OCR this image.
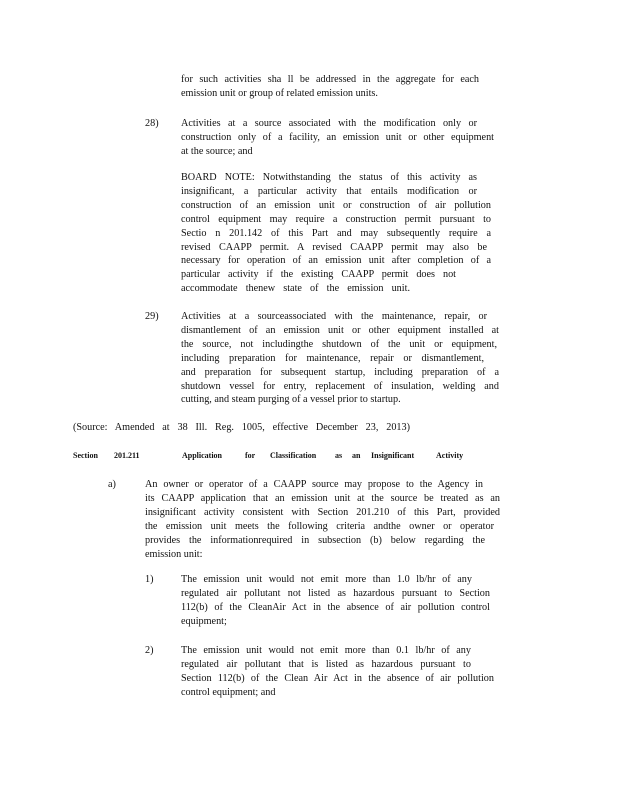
for such activities sha ll be addressed in the aggregate for each
emission unit or group of related emission units.

28) Activities at a source associated with the modification only or
construction only of a facility, an emission unit or other equipment
at the source; and
BOARD NOTE: Notwithstanding the status of this activity as
insignificant, a particular activity that entails modification or
construction of an emission unit or construction of air pollution
control equipment may require a construction permit pursuant to
Sectio n 201.142 of this Part and may subsequently require a
revised CAAPP permit. A revised CAAPP permit may also be
necessary for operation of an emission unit after completion of a
particular activity if the existing CAAPP permit does not
accommodate thenew state of the emission unit.

29) Activities at a sourceassociated with the maintenance, repair, or
dismantlement of an emission unit or other equipment installed at
the source, not includingthe shutdown of the unit or equipment,
including preparation for maintenance, repair or dismantlement,
and preparation for subsequent startup, including preparation of a
shutdown vessel for entry, replacement of insulation, welding and
cutting, and steam purging of a vessel prior to startup.

(Source: Amended at 38 Ill. Reg. 1005, effective December 23, 2013)

Section 201.211	Application	for Classification as an Insignificant	Activity

a)	An owner or operator of a CAAPP source may propose to the Agency in
its CAAPP application that an emission unit at the source be treated as an
insignificant activity consistent with Section 201.210 of this Part, provided
the emission unit meets the following criteria andthe owner or operator
provides the informationrequired in subsection (b) below regarding the
emission unit:

1)	The emission unit would not emit more than 1.0 lb/hr of any
regulated air pollutant not listed as hazardous pursuant to Section
112(b) of the CleanAir Act in the absence of air pollution control
equipment;

2)	The emission unit would not emit more than 0.1 lb/hr of any
regulated air pollutant that is listed as hazardous pursuant to
Section 112(b) of the Clean Air Act in the absence of air pollution
control equipment; and
